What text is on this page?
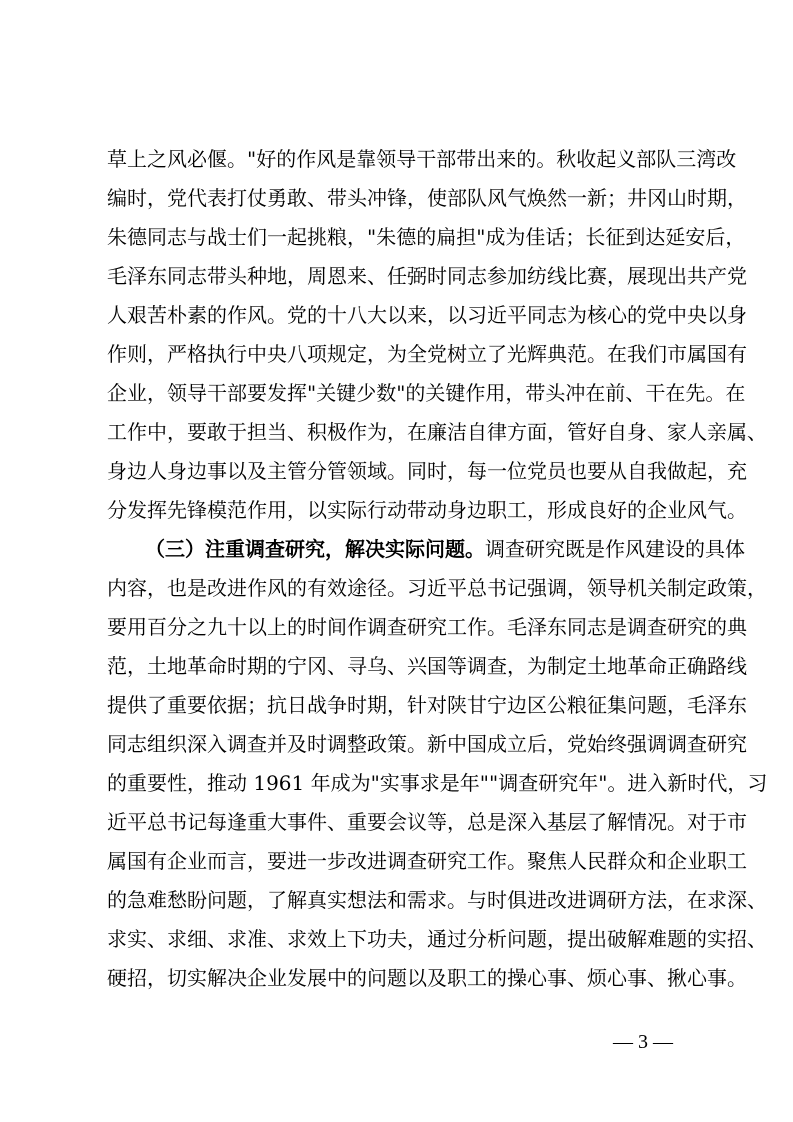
草上之风必偃。"好的作风是靠领导干部带出来的。秋收起义部队三湾改
编时，党代表打仗勇敢、带头冲锋，使部队风气焕然一新；井冈山时期，
朱德同志与战士们一起挑粮，"朱德的扁担"成为佳话；长征到达延安后，
毛泽东同志带头种地，周恩来、任弼时同志参加纺线比赛，展现出共产党
人艰苦朴素的作风。党的十八大以来，以习近平同志为核心的党中央以身
作则，严格执行中央八项规定，为全党树立了光辉典范。在我们市属国有
企业，领导干部要发挥"关键少数"的关键作用，带头冲在前、干在先。在
工作中，要敢于担当、积极作为，在廉洁自律方面，管好自身、家人亲属、
身边人身边事以及主管分管领域。同时，每一位党员也要从自我做起，充
分发挥先锋模范作用，以实际行动带动身边职工，形成良好的企业风气。
（三）注重调查研究，解决实际问题。调查研究既是作风建设的具体
内容，也是改进作风的有效途径。习近平总书记强调，领导机关制定政策，
要用百分之九十以上的时间作调查研究工作。毛泽东同志是调查研究的典
范，土地革命时期的宁冈、寻乌、兴国等调查，为制定土地革命正确路线
提供了重要依据；抗日战争时期，针对陕甘宁边区公粮征集问题，毛泽东
同志组织深入调查并及时调整政策。新中国成立后，党始终强调调查研究
的重要性，推动 1961 年成为"实事求是年""调查研究年"。进入新时代，习
近平总书记每逢重大事件、重要会议等，总是深入基层了解情况。对于市
属国有企业而言，要进一步改进调查研究工作。聚焦人民群众和企业职工
的急难愁盼问题，了解真实想法和需求。与时俱进改进调研方法，在求深、
求实、求细、求准、求效上下功夫，通过分析问题，提出破解难题的实招、
硬招，切实解决企业发展中的问题以及职工的操心事、烦心事、揪心事。
— 3 —
